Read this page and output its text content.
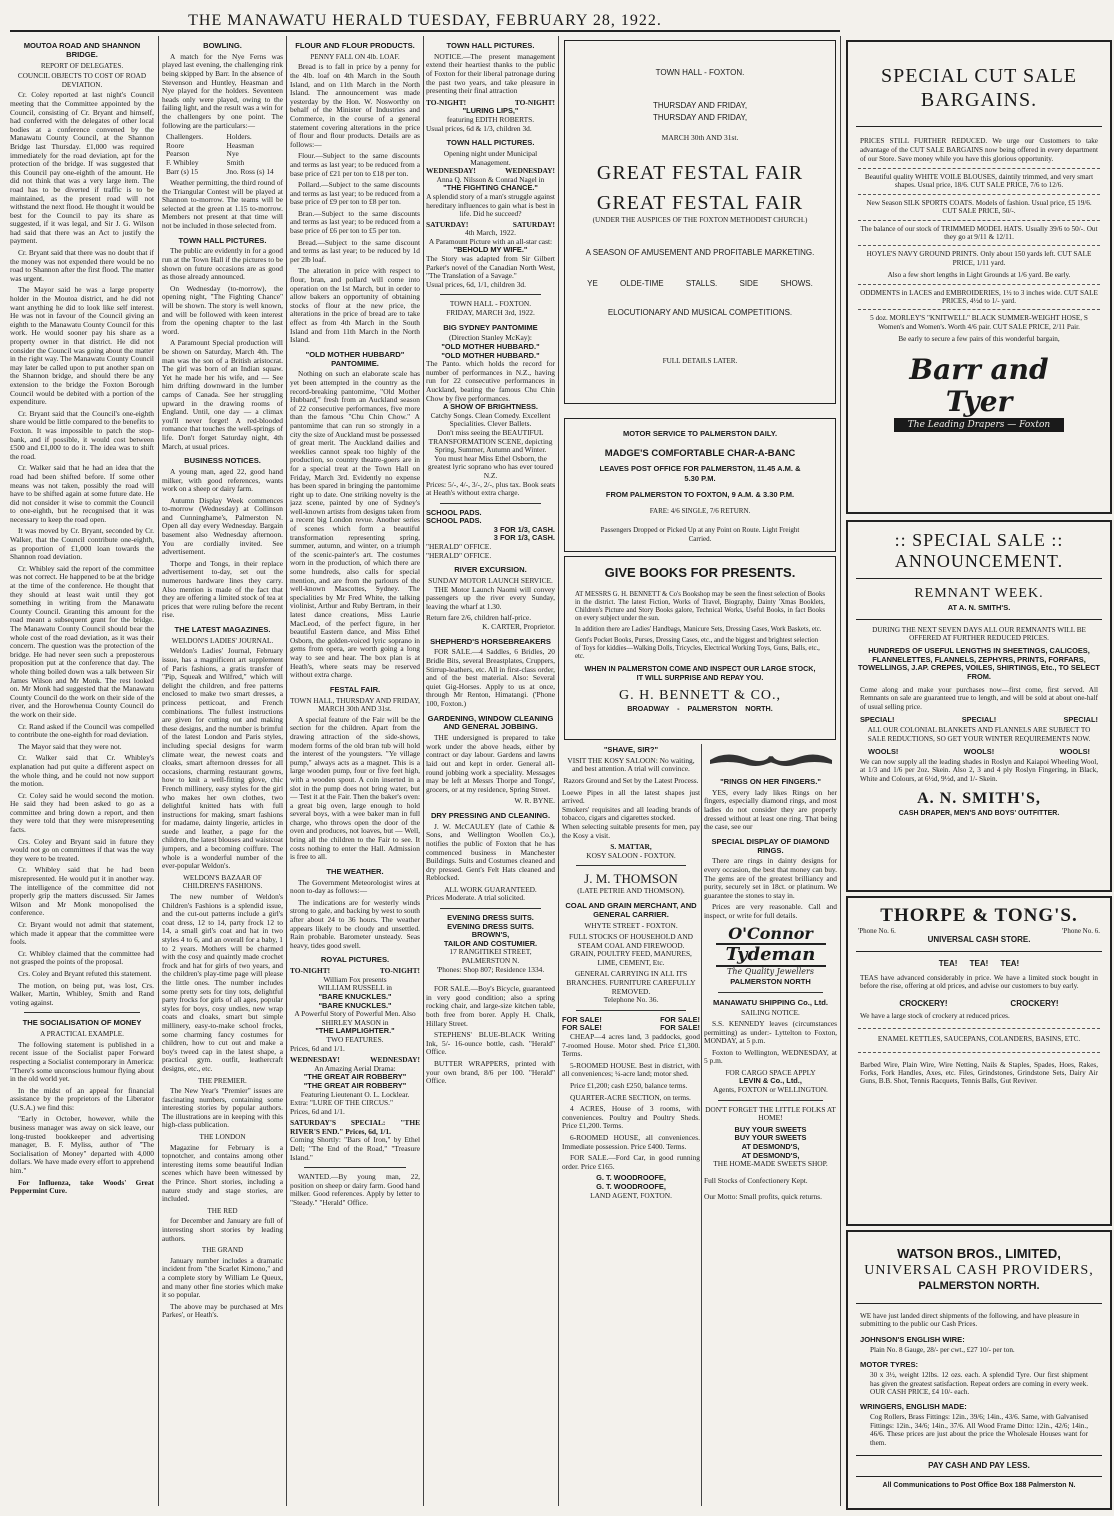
THE MANAWATU HERALD TUESDAY, FEBRUARY 28, 1922.
MOUTOA ROAD AND SHANNON BRIDGE.
REPORT OF DELEGATES.
COUNCIL OBJECTS TO COST OF ROAD DEVIATION.

Cr. Coley reported at last night's Council meeting that the Committee appointed by the Council, consisting of Cr. Bryant and himself, had conferred with the delegates of other local bodies at a conference convened by the Manawatu County Council, at the Shannon Bridge last Thursday. £1,000 was required immediately for the road deviation, apt for the protection of the bridge. If was suggested that this Council pay one-eighth of the amount. He did not think that was a very large item. The road has to be diverted if traffic is to be maintained, as the present road will not withstand the next flood. He thought it would be best for the Council to pay its share as suggested, if it was legal, and Sir J. G. Wilson had said that there was an Act to justify the payment.

Cr. Bryant said that there was no doubt that if the money was not expended there would be no road to Shannon after the first flood. The matter was urgent.

The Mayor said he was a large property holder in the Moutoa district, and he did not want anything he did to look like self interest. He was not in favour of the Council giving an eighth to the Manawatu County Council for this work. He would sooner pay his share as a property owner in that district. He did not consider the Council was going about the matter in the right way. The Manawatu County Council may later be called upon to put another span on the Shannon bridge, and should there be any extension to the bridge the Foxton Borough Council would be debited with a portion of the expenditure.

Cr. Bryant said that the Council's one-eighth share would be little compared to the benefits to Foxton. It was impossible to patch the stop-bank, and if possible, it would cost between £500 and £1,000 to do it. The idea was to shift the road.

Cr. Walker said that he had an idea that the road had been shifted before. If some other means was not taken, possibly the road will have to be shifted again at some future date. He did not consider it wise to commit the Council to one-eighth, but he recognised that it was necessary to keep the road open.

It was moved by Cr. Bryant, seconded by Cr. Walker, that the Council contribute one-eighth, as proportion of £1,000 loan towards the Shannon road deviation.

Cr. Whibley said the report of the committee was not correct. He happened to be at the bridge at the time of the conference. He thought that they should at least wait until they got something in writing from the Manawatu County Council. Granting this amount for the road meant a subsequent grant for the bridge. The Manawatu County Council should bear the whole cost of the road deviation, as it was their concern. The question was the protection of the bridge. He had never seen such a preposterous proposition put at the conference that day. The whole thing boiled down was a talk between Sir James Wilson and Mr Monk. The rest looked on. Mr Monk had suggested that the Manawatu County Council do the work on their side of the river, and the Horowhenua County Council do the work on their side.

Cr. Rand asked if the Council was compelled to contribute the one-eighth for road deviation.

The Mayor said that they were not.

Cr. Walker said that Cr. Whibley's explanation had put quite a different aspect on the whole thing, and he could not now support the motion.

Cr. Coley said he would second the motion. He said they had been asked to go as a committee and bring down a report, and then they were told that they were misrepresenting facts.

Crs. Coley and Bryant said in future they would not go on committees if that was the way they were to be treated.

Cr. Whibley said that he had been misrepresented. He would put it in another way. The intelligence of the committee did not properly grip the matters discussed. Sir James Wilson and Mr Monk monopolised the conference.

Cr. Bryant would not admit that statement, which made it appear that the committee were fools.

Cr. Whibley claimed that the committee had not grasped the points of the proposal.

Crs. Coley and Bryant refuted this statement.

The motion, on being put, was lost, Crs. Walker, Martin, Whibley, Smith and Rand voting against.

THE SOCIALISATION OF MONEY
A PRACTICAL EXAMPLE.

The following statement is published in a recent issue of the Socialist paper Forward respecting a Socialist contemporary in America: "There's some unconscious humour flying about in the old world yet.

In the midst of an appeal for financial assistance by the proprietors of the Liberator (U.S.A.) we find this:

"Early in October, however, while the business manager was away on sick leave, our long-trusted bookkeeper and advertising manager, B. F. Myliss, author of "The Socialisation of Money" departed with 4,000 dollars. We have made every effort to apprehend him."

For Influenza, take Woods' Great Peppermint Cure.

BOWLING.

A match for the Nye Ferns was played last evening, the challenging rink being skipped by Barr. In the absence of Stevenson and Huntley, Heasman and Nye played for the holders. Seventeen heads only were played, owing to the failing light, and the result was a win for the challengers by one point. The following are the particulars:—

Challengers.	Holders.
Roore	Heasman
Pearson	Nye
F. Whibley	Smith
Barr (s) 15	Jno. Ross (s) 14

Weather permitting, the third round of the Triangular Contest will be played at Shannon to-morrow. The teams will be selected at the green at 1.15 to-morrow. Members not present at that time will not be included in those selected from.

TOWN HALL PICTURES.

The public are evidently in for a good run at the Town Hall if the pictures to be shown on future occasions are as good as those already announced.

On Wednesday (to-morrow), the opening night, "The Fighting Chance" will be shown. The story is well known, and will be followed with keen interest from the opening chapter to the last word.

A Paramount Special production will be shown on Saturday, March 4th. The man was the son of a British aristocrat. The girl was born of an Indian squaw. Yet he made her his wife, and — See him drifting downward in the lumber camps of Canada. See her struggling upward in the drawing rooms of England. Until, one day — a climax you'll never forget! A red-blooded romance that touches the well-springs of life. Don't forget Saturday night, 4th March, at usual prices.

BUSINESS NOTICES.

A young man, aged 22, good hand milker, with good references, wants work on a sheep or dairy farm.

Autumn Display Week commences to-morrow (Wednesday) at Collinson and Cunninghame's, Palmerston N. Open all day every Wednesday. Bargain basement also Wednesday afternoon. You are cordially invited. See advertisement.

Thorpe and Tongs, in their replace advertisement to-day, set out the numerous hardware lines they carry. Also mention is made of the fact that they are offering a limited stock of tea at prices that were ruling before the recent rise.

THE LATEST MAGAZINES.
WELDON'S LADIES' JOURNAL.

Weldon's Ladies' Journal, February issue, has a magnificent art supplement of Paris fashions, a gratis transfer of "Pip, Squeak and Wilfred," which will delight the children, and free patterns enclosed to make two smart dresses, a princess petticoat, and French combinations. The fullest instructions are given for cutting out and making these designs, and the number is brimful of the latest London and Paris styles, including special designs for warm climate wear, the newest coats and cloaks, smart afternoon dresses for all occasions, charming restaurant gowns, how to knit a well-fitting glove, chic French millinery, easy styles for the girl who makes her own clothes, two delightful knitted hats with full instructions for making, smart fashions for madame, dainty lingerie, articles in suede and leather, a page for the children, the latest blouses and waistcoat jumpers, and a becoming coiffure. The whole is a wonderful number of the ever-popular Weldon's.

WELDON'S BAZAAR OF CHILDREN'S FASHIONS.

The new number of Weldon's Children's Fashions is a splendid issue, and the cut-out patterns include a girl's coat dress, 12 to 14, party frock 12 to 14, a small girl's coat and hat in two styles 4 to 6, and an overall for a baby, 1 to 2 years. Mothers will be charmed with the cosy and quaintly made crochet frock and hat for girls of two years, and the children's play-time page will please the little ones. The number includes some pretty sets for tiny tots, delightful party frocks for girls of all ages, popular styles for boys, cosy undies, new wrap coats and cloaks, smart but simple millinery, easy-to-make school frocks, some charming fancy costumes for children, how to cut out and make a boy's tweed cap in the latest shape, a practical gym. outfit, leathercraft designs, etc., etc.

THE PREMIER.

The New Year's "Premier" issues are fascinating numbers, containing some interesting stories by popular authors. The illustrations are in keeping with this high-class publication.

THE LONDON

Magazine for February is a topnotcher, and contains among other interesting items some beautiful Indian scenes which have been witnessed by the Prince. Short stories, including a nature study and stage stories, are included.

THE RED

for December and January are full of interesting short stories by leading authors.

THE GRAND

January number includes a dramatic incident from "the Scarlet Kimono," and a complete story by William Le Queux, and many other fine stories which make it so popular.

The above may be purchased at Mrs Parkes', or Heath's.

FLOUR AND FLOUR PRODUCTS.
PENNY FALL ON 4lb. LOAF.

Bread is to fall in price by a penny for the 4lb. loaf on 4th March in the South Island, and on 11th March in the North Island. The announcement was made yesterday by the Hon. W. Nosworthy on behalf of the Minister of Industries and Commerce, in the course of a general statement covering alterations in the price of flour and flour products. Details are as follows:—

Flour.—Subject to the same discounts and terms as last year; to be reduced from a base price of £21 per ton to £18 per ton.

Pollard.—Subject to the same discounts and terms as last year; to be reduced from a base price of £9 per ton to £8 per ton.

Bran.—Subject to the same discounts and terms as last year; to be reduced from a base price of £6 per ton to £5 per ton.

Bread.—Subject to the same discount and terms as last year; to be reduced by 1d per 2lb loaf.

The alteration in price with respect to flour, bran, and pollard will come into operation on the 1st March, but in order to allow bakers an opportunity of obtaining stocks of flour at the new price, the alterations in the price of bread are to take effect as from 4th March in the South Island and from 11th March in the North Island.

"OLD MOTHER HUBBARD" PANTOMIME.

Nothing on such an elaborate scale has yet been attempted in the country as the record-breaking pantomime, "Old Mother Hubbard," fresh from an Auckland season of 22 consecutive performances, five more than the famous "Chu Chin Chow." A pantomime that can run so strongly in a city the size of Auckland must be possessed of great merit. The Auckland dailies and weeklies cannot speak too highly of the production, so country theatre-goers are in for a special treat at the Town Hall on Friday, March 3rd. Evidently no expense has been spared in bringing the pantomime right up to date. One striking novelty is the jazz scene, painted by one of Sydney's well-known artists from designs taken from a recent big London revue. Another series of scenes which form a beautiful transformation representing spring, summer, autumn, and winter, on a triumph of the scenic-painter's art. The costumes worn in the production, of which there are some hundreds, also calls for special mention, and are from the parlours of the well-known Mascottes, Sydney. The specialities by Mr Fred White, the talking violinist, Arthur and Ruby Bertram, in their latest dance creations, Miss Laurie MacLeod, of the perfect figure, in her beautiful Eastern dance, and Miss Ethel Osborn, the golden-voiced lyric soprano in gems from opera, are worth going a long way to see and hear. The box plan is at Heath's, where seats may be reserved without extra charge.

FESTAL FAIR.
TOWN HALL, THURSDAY AND FRIDAY, MARCH 30th AND 31st.

A special feature of the Fair will be the section for the children. Apart from the drawing attraction of the side-shows, modern forms of the old bran tub will hold the interest of the youngsters. "Ye village pump," always acts as a magnet. This is a large wooden pump, four or five feet high, with a wooden spout. A coin inserted in a slot in the pump does not bring water, but — Test it at the Fair. Then the baker's oven: a great big oven, large enough to hold several boys, with a wee baker man in full charge, who throws open the door of the oven and produces, not loaves, but — Well, bring all the children to the Fair to see. It costs nothing to enter the Hall. Admission is free to all.

THE WEATHER.

The Government Meteorologist wires at noon to-day as follows:—

The indications are for westerly winds strong to gale, and backing by west to south after about 24 to 36 hours. The weather appears likely to be cloudy and unsettled. Rain probable. Barometer unsteady. Seas heavy, tides good swell.

ROYAL PICTURES.
TO-NIGHT!	TO-NIGHT!
William Fox presents
WILLIAM RUSSELL in
"BARE KNUCKLES."
"BARE KNUCKLES."
A Powerful Story of Powerful Men. Also SHIRLEY MASON in
"THE LAMPLIGHTER."
TWO FEATURES.
Prices, 6d and 1/1.
WEDNESDAY!	WEDNESDAY!
An Amazing Aerial Drama:
"THE GREAT AIR ROBBERY"
"THE GREAT AIR ROBBERY"
Featuring Lieutenant O. L. Locklear.
Extra: "LURE OF THE CIRCUS."
Prices, 6d and 1/1.
SATURDAY'S SPECIAL: "THE RIVER'S END." Prices, 6d, 1/1.
Coming Shortly: "Bars of Iron," by Ethel Dell; "The End of the Road," "Treasure Island."

WANTED.—By young man, 22, position on sheep or dairy farm. Good hand milker. Good references. Apply by letter to "Steady." "Herald" Office.

TOWN HALL PICTURES.

NOTICE.—The present management extend their heartiest thanks to the public of Foxton for their liberal patronage during the past two years, and take pleasure in presenting their final attraction

TO-NIGHT!	TO-NIGHT!
"LURING LIPS,"
featuring EDITH ROBERTS.
Usual prices, 6d & 1/3, children 3d.
TOWN HALL PICTURES.
Opening night under Municipal Management.
WEDNESDAY!	WEDNESDAY!
Anna Q. Nilsson & Conrad Nagel in
"THE FIGHTING CHANCE."
A splendid story of a man's struggle against hereditary influences to gain what is best in life. Did he succeed?
SATURDAY!	SATURDAY!
4th March, 1922.
A Paramount Picture with an all-star cast:
"BEHOLD MY WIFE."
The Story was adapted from Sir Gilbert Parker's novel of the Canadian North West, "The Translation of a Savage."
Usual prices, 6d, 1/1, children 3d.
TOWN HALL - FOXTON.
FRIDAY, MARCH 3rd, 1922.
BIG SYDNEY PANTOMIME
(Direction Stanley McKay):
"OLD MOTHER HUBBARD."
"OLD MOTHER HUBBARD."
The Panto. which holds the record for number of performances in N.Z., having run for 22 consecutive performances in Auckland, beating the famous Chu Chin Chow by five performances.
A SHOW OF BRIGHTNESS.
Catchy Songs. Clean Comedy. Excellent Specialities. Clever Ballets.
Don't miss seeing the BEAUTIFUL TRANSFORMATION SCENE, depicting Spring, Summer, Autumn and Winter.
You must hear Miss Ethel Osborn, the greatest lyric soprano who has ever toured N.Z.
Prices: 5/-, 4/-, 3/-, 2/-, plus tax. Book seats at Heath's without extra charge.
SCHOOL PADS.
SCHOOL PADS.
3 FOR 1/3, CASH.
3 FOR 1/3, CASH.
"HERALD" OFFICE.
"HERALD" OFFICE.
RIVER EXCURSION.
SUNDAY MOTOR LAUNCH SERVICE.

THE Motor Launch Naomi will convey passengers up the river every Sunday, leaving the wharf at 1.30.

Return fare 2/6, children half-price.
K. CARTER, Proprietor.
SHEPHERD'S HORSEBREAKERS

FOR SALE.—4 Saddles, 6 Bridles, 20 Bridle Bits, several Breastplates, Cruppers, Stirrup-leathers, etc. All in first-class order, and of the best material. Also: Several quiet Gig-Horses. Apply to us at once, through Mr Renton, Himatangi. ('Phone 100, Foxton.)

GARDENING, WINDOW CLEANING AND GENERAL JOBBING.

THE undersigned is prepared to take work under the above heads, either by contract or day labour. Gardens and lawns laid out and kept in order. General all-round jobbing work a speciality. Messages may be left at Messrs Thorpe and Tongs', grocers, or at my residence, Spring Street.

W. R. BYNE.
DRY PRESSING AND CLEANING.

J. W. McCAULEY (late of Cathie & Sons, and Wellington Woollen Co.), notifies the public of Foxton that he has commenced business in Manchester Buildings. Suits and Costumes cleaned and dry pressed. Gent's Felt Hats cleaned and Reblocked.

ALL WORK GUARANTEED.
Prices Moderate. A trial solicited.
EVENING DRESS SUITS.
EVENING DRESS SUITS.
BROWN'S,
TAILOR AND COSTUMIER.
17 RANGITIKEI STREET, PALMERSTON N.
'Phones: Shop 807; Residence 1334.

FOR SALE.—Boy's Bicycle, guaranteed in very good condition; also a spring rocking chair, and large-size kitchen table, both free from borer. Apply H. Chalk, Hillary Street.

STEPHENS' BLUE-BLACK Writing Ink, 5/- 16-ounce bottle, cash. "Herald" Office.

BUTTER WRAPPERS, printed with your own brand, 8/6 per 100. "Herald" Office.

TOWN HALL - FOXTON.
THURSDAY AND FRIDAY,
THURSDAY AND FRIDAY,
MARCH 30th AND 31st.
GREAT FESTAL FAIR
GREAT FESTAL FAIR
(UNDER THE AUSPICES OF THE FOXTON METHODIST CHURCH.)
A SEASON OF AMUSEMENT AND PROFITABLE MARKETING.
YE OLDE-TIME STALLS. SIDE SHOWS.
ELOCUTIONARY AND MUSICAL COMPETITIONS.
FULL DETAILS LATER.
MOTOR SERVICE TO PALMERSTON DAILY.
MADGE'S COMFORTABLE CHAR-A-BANC
LEAVES POST OFFICE FOR PALMERSTON, 11.45 A.M. & 5.30 P.M.
FROM PALMERSTON TO FOXTON, 9 A.M. & 3.30 P.M.
FARE: 4/6 SINGLE, 7/6 RETURN.
Passengers Dropped or Picked Up at any Point on Route. Light Freight Carried.
GIVE BOOKS FOR PRESENTS.
AT MESSRS G. H. BENNETT & Co's Bookshop may be seen the finest selection of Books in the district. The latest Fiction, Works of Travel, Biography, Dainty 'Xmas Booklets, Children's Picture and Story Books galore, Technical Works, Useful Books, in fact Books on every subject under the sun.
In addition there are Ladies' Handbags, Manicure Sets, Dressing Cases, Work Baskets, etc.
Gent's Pocket Books, Purses, Dressing Cases, etc., and the biggest and brightest selection of Toys for kiddies—Walking Dolls, Tricycles, Electrical Working Toys, Guns, Balls, etc., etc.
WHEN IN PALMERSTON COME AND INSPECT OUR LARGE STOCK, IT WILL SURPRISE AND REPAY YOU.
G. H. BENNETT & CO.,
BROADWAY - PALMERSTON NORTH.
"SHAVE, SIR?"
VISIT THE KOSY SALOON: No waiting, and best attention. A trial will convince.
Razors Ground and Set by the Latest Process.
Loewe Pipes in all the latest shapes just arrived.
Smokers' requisites and all leading brands of tobacco, cigars and cigarettes stocked.
When selecting suitable presents for men, pay the Kosy a visit.
S. MATTAR,
KOSY SALOON - FOXTON.
J. M. THOMSON
(LATE PETRIE AND THOMSON).
COAL AND GRAIN MERCHANT, AND GENERAL CARRIER.
WHYTE STREET - FOXTON.
FULL STOCKS OF HOUSEHOLD AND STEAM COAL AND FIREWOOD.
GRAIN, POULTRY FEED, MANURES, LIME, CEMENT, Etc.
GENERAL CARRYING IN ALL ITS BRANCHES. FURNITURE CAREFULLY REMOVED.
Telephone No. 36.
FOR SALE!	FOR SALE!
FOR SALE!	FOR SALE!

CHEAP—4 acres land, 3 paddocks, good 7-roomed House. Motor shed. Price £1,300. Terms.

5-ROOMED HOUSE. Best in district, with all conveniences; ¼-acre land; motor shed.

Price £1,200; cash £250, balance terms.

QUARTER-ACRE SECTION, on terms.

4 ACRES, House of 3 rooms, with conveniences. Poultry and Poultry Sheds. Price £1,200. Terms.

6-ROOMED HOUSE, all conveniences. Immediate possession. Price £400. Terms.

FOR SALE.—Ford Car, in good running order. Price £165.

G. T. WOODROOFE,
G. T. WOODROOFE,
LAND AGENT, FOXTON.
"RINGS ON HER FINGERS."

YES, every lady likes Rings on her fingers, especially diamond rings, and most ladies do not consider they are properly dressed without at least one ring. That being the case, see our

SPECIAL DISPLAY OF DIAMOND RINGS.

There are rings in dainty designs for every occasion, the best that money can buy. The gems are of the greatest brilliancy and purity, securely set in 18ct. or platinum. We guarantee the stones to stay in.

Prices are very reasonable. Call and inspect, or write for full details.

O'Connor
Tydeman
The Quality Jewellers
PALMERSTON NORTH
MANAWATU SHIPPING Co., Ltd.
SAILING NOTICE.

S.S. KENNEDY leaves (circumstances permitting) as under:- Lyttelton to Foxton, MONDAY, at 5 p.m.

Foxton to Wellington, WEDNESDAY, at 5 p.m.

FOR CARGO SPACE APPLY
LEVIN & Co., Ltd.,
Agents, FOXTON or WELLINGTON.
DON'T FORGET THE LITTLE FOLKS AT HOME!
BUY YOUR SWEETS
BUY YOUR SWEETS
AT DESMOND'S,
AT DESMOND'S,
THE HOME-MADE SWEETS SHOP.
Full Stocks of Confectionery Kept.
Our Motto: Small profits, quick returns.
SPECIAL CUT SALE
BARGAINS.
PRICES STILL FURTHER REDUCED. We urge our Customers to take advantage of the CUT SALE BARGAINS now being offered in every department of our Store. Save money while you have this glorious opportunity.
Beautiful quality WHITE VOILE BLOUSES, daintily trimmed, and very smart shapes. Usual price, 18/6. CUT SALE PRICE, 7/6 to 12/6.
New Season SILK SPORTS COATS. Models of fashion. Usual price, £5 19/6. CUT SALE PRICE, 50/-.
The balance of our stock of TRIMMED MODEL HATS. Usually 39/6 to 50/-. Out they go at 9/11 & 12/11.
HOYLE'S NAVY GROUND PRINTS. Only about 150 yards left. CUT SALE PRICE, 1/11 yard.
Also a few short lengths in Light Grounds at 1/6 yard. Be early.
ODDMENTS in LACES and EMBROIDERIES, 1½ to 3 inches wide. CUT SALE PRICES, 4½d to 1/- yard.
5 doz. MORLEY'S "KNITWELL" BLACK SUMMER-WEIGHT HOSE, S Women's and Women's. Worth 4/6 pair. CUT SALE PRICE, 2/11 Pair.
Be early to secure a few pairs of this wonderful bargain,
Barr and Tyer
The Leading Drapers — Foxton
:: SPECIAL SALE ::
ANNOUNCEMENT.
REMNANT WEEK.
AT A. N. SMITH'S.
DURING THE NEXT SEVEN DAYS ALL OUR REMNANTS WILL BE OFFERED AT FURTHER REDUCED PRICES.
HUNDREDS OF USEFUL LENGTHS IN SHEETINGS, CALICOES, FLANNELETTES, FLANNELS, ZEPHYRS, PRINTS, FORFARS, TOWELLINGS, J.AP. CREPES, VOILES, SHIRTINGS, Etc., TO SELECT FROM.
Come along and make your purchases now—first come, first served. All Remnants on sale are guaranteed true to length, and will be sold at about one-half of usual selling price.
SPECIAL!	SPECIAL!	SPECIAL!
ALL OUR COLONIAL BLANKETS AND FLANNELS ARE SUBJECT TO SALE REDUCTIONS, SO GET YOUR WINTER REQUIREMENTS NOW.
WOOLS!	WOOLS!	WOOLS!
We can now supply all the leading shades in Roslyn and Kaiapoi Wheeling Wool, at 1/3 and 1/6 per 2oz. Skein. Also 2, 3 and 4 ply Roslyn Fingering, in Black, White and Colours, at 6½d, 9½d, and 1/- Skein.
A. N. SMITH'S,
CASH DRAPER, MEN'S AND BOYS' OUTFITTER.
THORPE & TONG'S.
'Phone No. 6.	'Phone No. 6.
UNIVERSAL CASH STORE.
TEA! TEA! TEA!
TEAS have advanced considerably in price. We have a limited stock bought in before the rise, offering at old prices, and advise our customers to buy early.
CROCKERY!	CROCKERY!
We have a large stock of crockery at reduced prices.
ENAMEL KETTLES, SAUCEPANS, COLANDERS, BASINS, ETC.
Barbed Wire, Plain Wire, Wire Netting, Nails & Staples, Spades, Hoes, Rakes, Forks, Fork Handles, Axes, etc. Files, Grindstones, Grindstone Sets, Dairy Air Guns, B.B. Shot, Tennis Racquets, Tennis Balls, Gut Reviver.
WATSON BROS., LIMITED,
UNIVERSAL CASH PROVIDERS,
PALMERSTON NORTH.
WE have just landed direct shipments of the following, and have pleasure in submitting to the public our Cash Prices.
JOHNSON'S ENGLISH WIRE:
Plain No. 8 Gauge, 28/- per cwt., £27 10/- per ton.
MOTOR TYRES:
30 x 3½, weight 12lbs. 12 ozs. each. A splendid Tyre. Our first shipment has given the greatest satisfaction. Repeat orders are coming in every week. OUR CASH PRICE, £4 10/- each.
WRINGERS, ENGLISH MADE:
Cog Rollers, Brass Fittings: 12in., 39/6; 14in., 43/6. Same, with Galvanised Fittings: 12in., 34/6; 14in., 37/6. All Wood Frame Ditto: 12in., 42/6; 14in., 46/6. These prices are just about the price the Wholesale Houses want for them.
PAY CASH AND PAY LESS.
All Communications to Post Office Box 188 Palmerston N.
